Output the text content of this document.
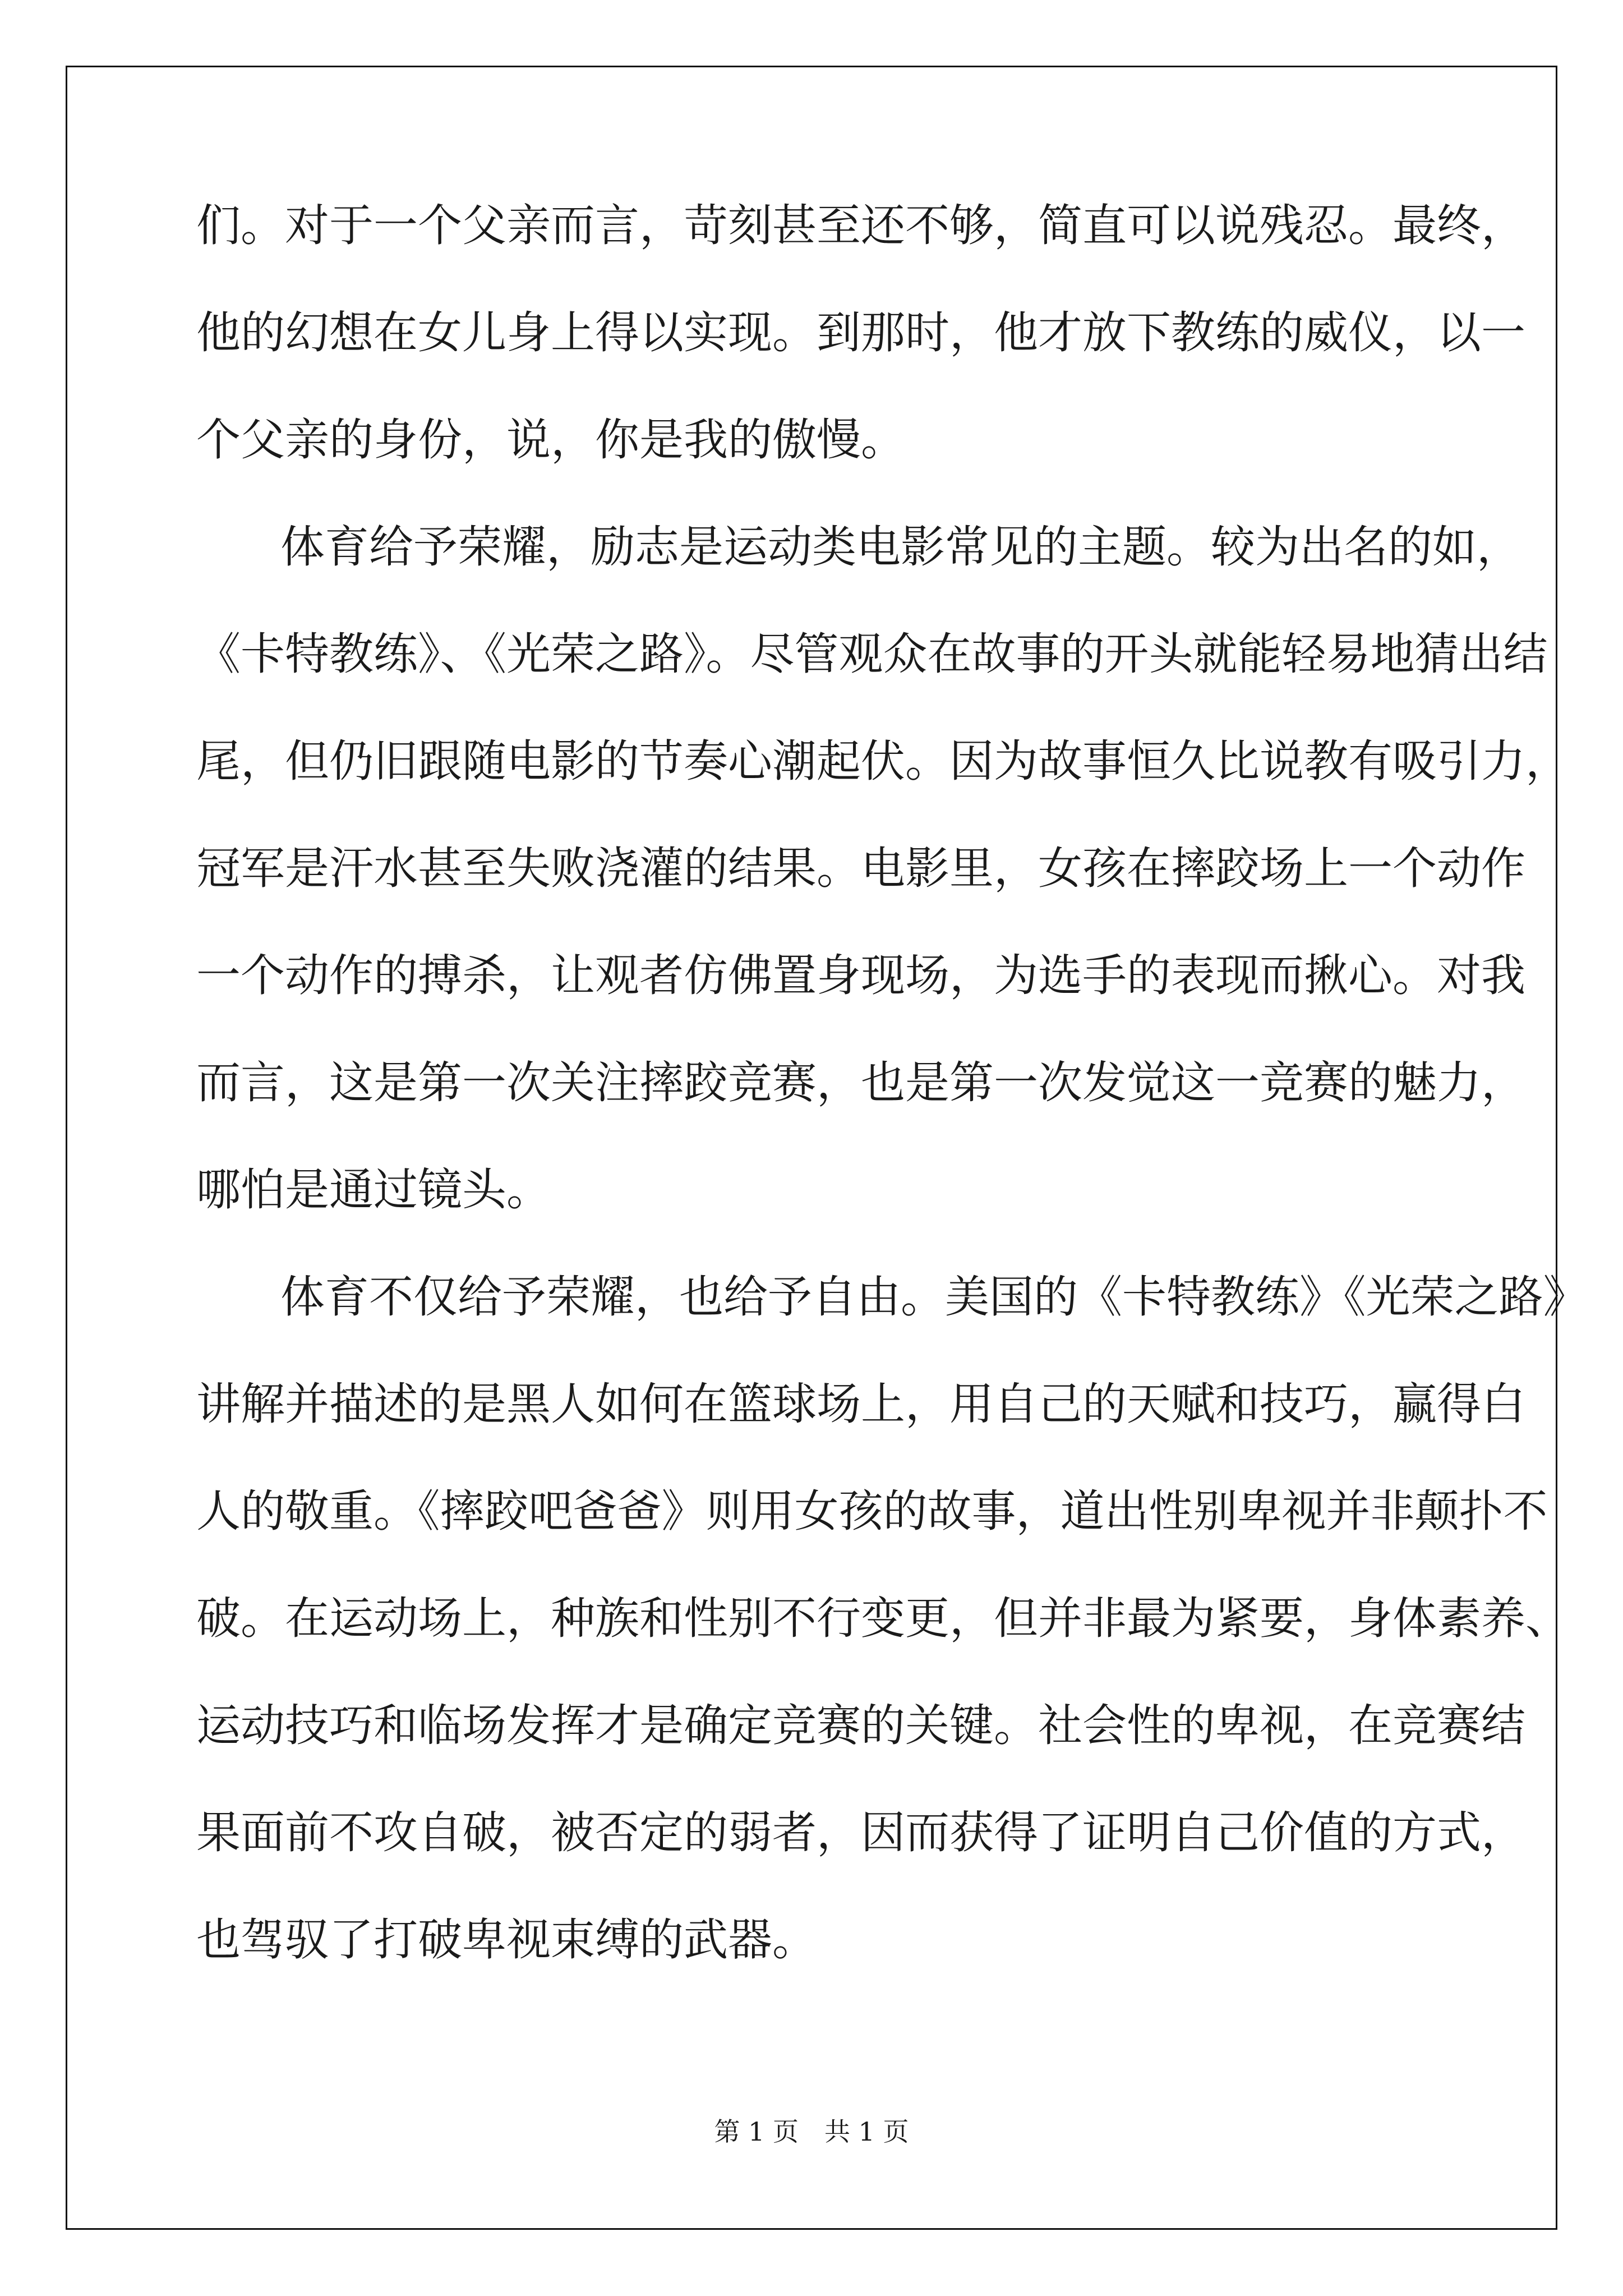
们。对于一个父亲而言，苛刻甚至还不够，简直可以说残忍。最终，
他的幻想在女儿身上得以实现。到那时，他才放下教练的威仪，以一
个父亲的身份，说，你是我的傲慢。
体育给予荣耀，励志是运动类电影常见的主题。较为出名的如，
《卡特教练》、《光荣之路》。尽管观众在故事的开头就能轻易地猜出结
尾，但仍旧跟随电影的节奏心潮起伏。因为故事恒久比说教有吸引力，
冠军是汗水甚至失败浇灌的结果。电影里，女孩在摔跤场上一个动作
一个动作的搏杀，让观者仿佛置身现场，为选手的表现而揪心。对我
而言，这是第一次关注摔跤竞赛，也是第一次发觉这一竞赛的魅力，
哪怕是通过镜头。
体育不仅给予荣耀，也给予自由。美国的《卡特教练》《光荣之路》
讲解并描述的是黑人如何在篮球场上，用自己的天赋和技巧，赢得白
人的敬重。《摔跤吧爸爸》则用女孩的故事，道出性别卑视并非颠扑不
破。在运动场上，种族和性别不行变更，但并非最为紧要，身体素养、
运动技巧和临场发挥才是确定竞赛的关键。社会性的卑视，在竞赛结
果面前不攻自破，被否定的弱者，因而获得了证明自己价值的方式，
也驾驭了打破卑视束缚的武器。
第 1 页　共 1 页
